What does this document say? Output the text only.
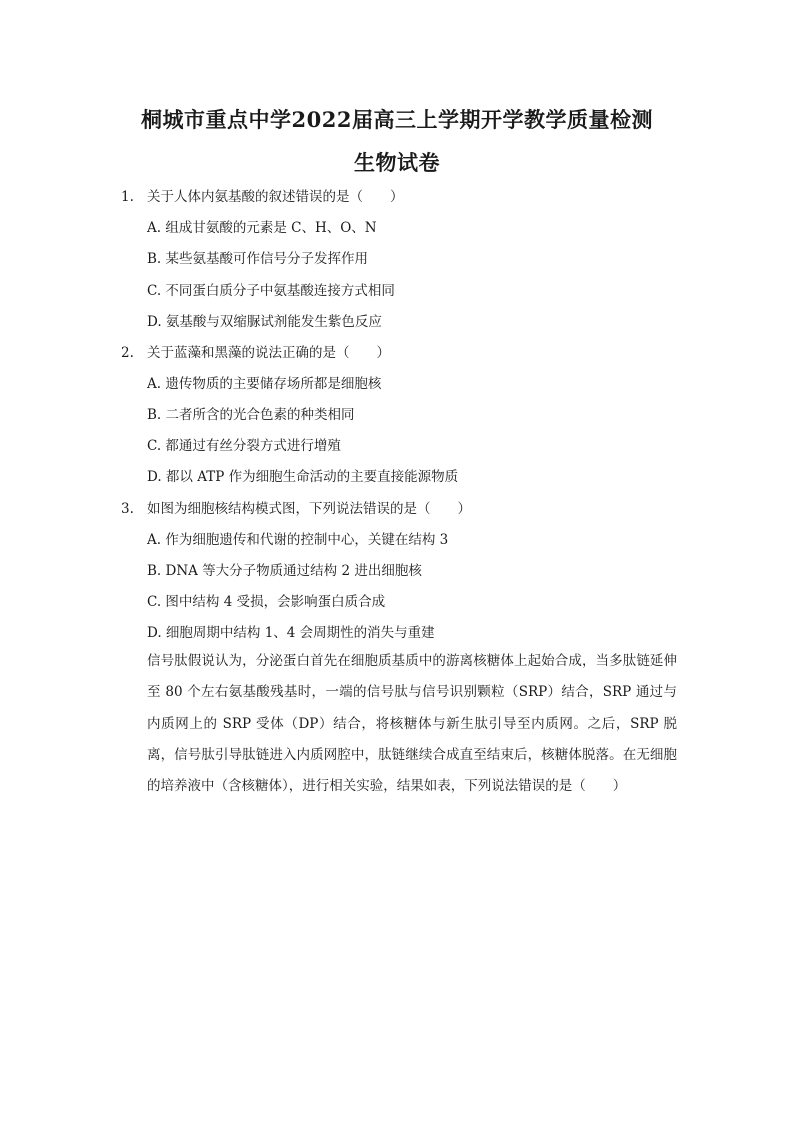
桐城市重点中学2022届高三上学期开学教学质量检测
生物试卷
1. 关于人体内氨基酸的叙述错误的是（　　）
A. 组成甘氨酸的元素是 C、H、O、N
B. 某些氨基酸可作信号分子发挥作用
C. 不同蛋白质分子中氨基酸连接方式相同
D. 氨基酸与双缩脲试剂能发生紫色反应
2. 关于蓝藻和黑藻的说法正确的是（　　）
A. 遗传物质的主要储存场所都是细胞核
B. 二者所含的光合色素的种类相同
C. 都通过有丝分裂方式进行增殖
D. 都以 ATP 作为细胞生命活动的主要直接能源物质
3. 如图为细胞核结构模式图，下列说法错误的是（　　）
A. 作为细胞遗传和代谢的控制中心，关键在结构 3
B. DNA 等大分子物质通过结构 2 进出细胞核
C. 图中结构 4 受损，会影响蛋白质合成
D. 细胞周期中结构 1、4 会周期性的消失与重建
信号肽假说认为，分泌蛋白首先在细胞质基质中的游离核糖体上起始合成，当多肽链延伸至 80 个左右氨基酸残基时，一端的信号肽与信号识别颗粒（SRP）结合，SRP 通过与内质网上的 SRP 受体（DP）结合，将核糖体与新生肽引导至内质网。之后，SRP 脱离，信号肽引导肽链进入内质网腔中，肽链继续合成直至结束后，核糖体脱落。在无细胞的培养液中（含核糖体），进行相关实验，结果如表，下列说法错误的是（　　）
